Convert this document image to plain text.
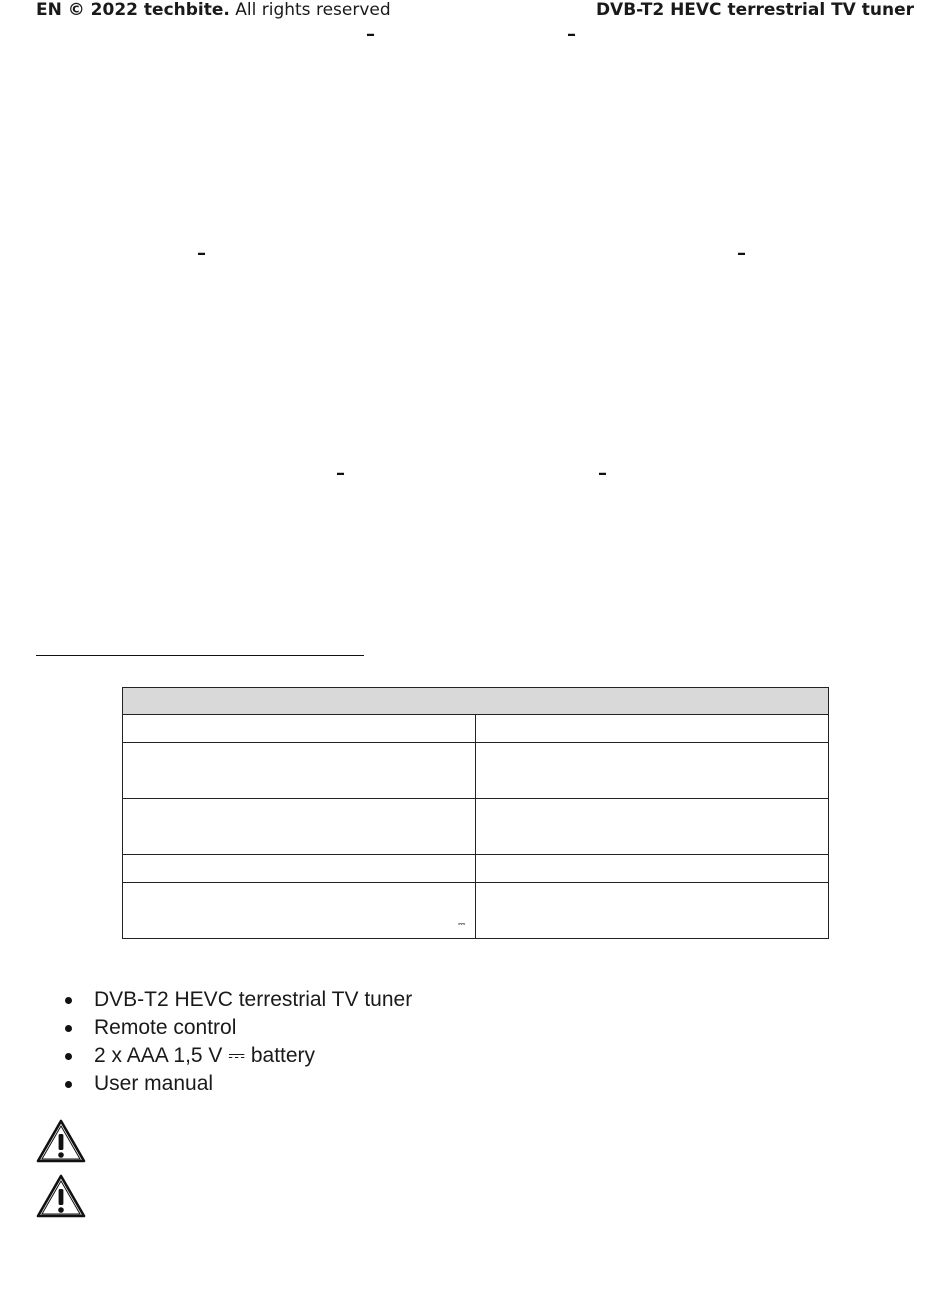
EN © 2022 techbite. All rights reserved	DVB-T2 HEVC terrestrial TV tuner
–	–
–	–
–	–

⎓
DVB-T2 HEVC terrestrial TV tuner
Remote control
2 x AAA 1,5 V ⎓ battery
User manual
